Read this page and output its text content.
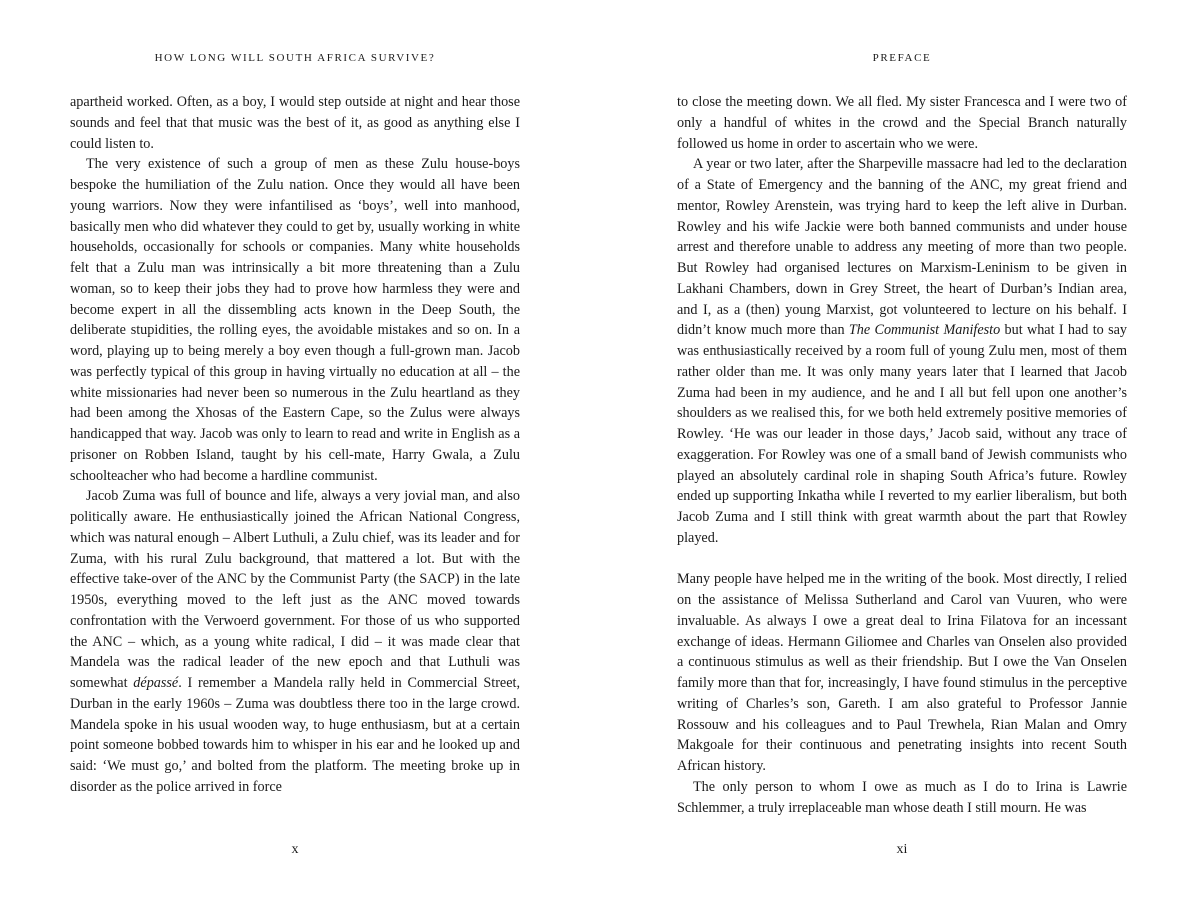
HOW LONG WILL SOUTH AFRICA SURVIVE?

apartheid worked. Often, as a boy, I would step outside at night and hear those sounds and feel that that music was the best of it, as good as anything else I could listen to.

The very existence of such a group of men as these Zulu house-boys bespoke the humiliation of the Zulu nation. Once they would all have been young warriors. Now they were infantilised as ‘boys’, well into manhood, basically men who did whatever they could to get by, usually working in white households, occasionally for schools or companies. Many white households felt that a Zulu man was intrinsically a bit more threatening than a Zulu woman, so to keep their jobs they had to prove how harmless they were and become expert in all the dissembling acts known in the Deep South, the deliberate stupidities, the rolling eyes, the avoidable mistakes and so on. In a word, playing up to being merely a boy even though a full-grown man. Jacob was perfectly typical of this group in having virtually no education at all – the white missionaries had never been so numerous in the Zulu heartland as they had been among the Xhosas of the Eastern Cape, so the Zulus were always handicapped that way. Jacob was only to learn to read and write in English as a prisoner on Robben Island, taught by his cell-mate, Harry Gwala, a Zulu schoolteacher who had become a hardline communist.

Jacob Zuma was full of bounce and life, always a very jovial man, and also politically aware. He enthusiastically joined the African National Congress, which was natural enough – Albert Luthuli, a Zulu chief, was its leader and for Zuma, with his rural Zulu background, that mattered a lot. But with the effective take-over of the ANC by the Communist Party (the SACP) in the late 1950s, everything moved to the left just as the ANC moved towards confrontation with the Verwoerd government. For those of us who supported the ANC – which, as a young white radical, I did – it was made clear that Mandela was the radical leader of the new epoch and that Luthuli was somewhat dépassé. I remember a Mandela rally held in Commercial Street, Durban in the early 1960s – Zuma was doubtless there too in the large crowd. Mandela spoke in his usual wooden way, to huge enthusiasm, but at a certain point someone bobbed towards him to whisper in his ear and he looked up and said: ‘We must go,’ and bolted from the platform. The meeting broke up in disorder as the police arrived in force

x
PREFACE

to close the meeting down. We all fled. My sister Francesca and I were two of only a handful of whites in the crowd and the Special Branch naturally followed us home in order to ascertain who we were.

A year or two later, after the Sharpeville massacre had led to the declaration of a State of Emergency and the banning of the ANC, my great friend and mentor, Rowley Arenstein, was trying hard to keep the left alive in Durban. Rowley and his wife Jackie were both banned communists and under house arrest and therefore unable to address any meeting of more than two people. But Rowley had organised lectures on Marxism-Leninism to be given in Lakhani Chambers, down in Grey Street, the heart of Durban’s Indian area, and I, as a (then) young Marxist, got volunteered to lecture on his behalf. I didn’t know much more than The Communist Manifesto but what I had to say was enthusiastically received by a room full of young Zulu men, most of them rather older than me. It was only many years later that I learned that Jacob Zuma had been in my audience, and he and I all but fell upon one another’s shoulders as we realised this, for we both held extremely positive memories of Rowley. ‘He was our leader in those days,’ Jacob said, without any trace of exaggeration. For Rowley was one of a small band of Jewish communists who played an absolutely cardinal role in shaping South Africa’s future. Rowley ended up supporting Inkatha while I reverted to my earlier liberalism, but both Jacob Zuma and I still think with great warmth about the part that Rowley played.

Many people have helped me in the writing of the book. Most directly, I relied on the assistance of Melissa Sutherland and Carol van Vuuren, who were invaluable. As always I owe a great deal to Irina Filatova for an incessant exchange of ideas. Hermann Giliomee and Charles van Onselen also provided a continuous stimulus as well as their friendship. But I owe the Van Onselen family more than that for, increasingly, I have found stimulus in the perceptive writing of Charles’s son, Gareth. I am also grateful to Professor Jannie Rossouw and his colleagues and to Paul Trewhela, Rian Malan and Omry Makgoale for their continuous and penetrating insights into recent South African history.

The only person to whom I owe as much as I do to Irina is Lawrie Schlemmer, a truly irreplaceable man whose death I still mourn. He was

xi
